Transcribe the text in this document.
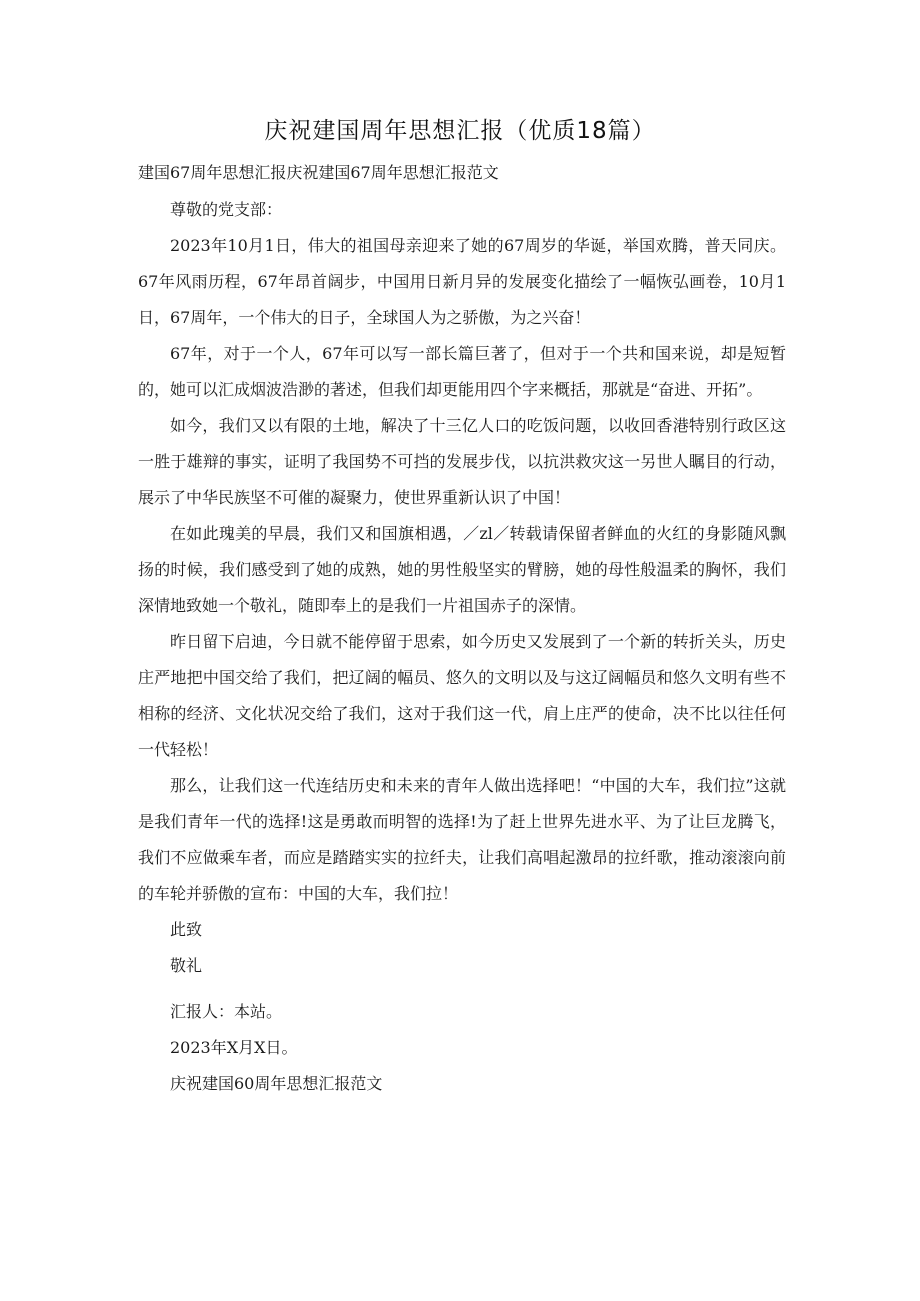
庆祝建国周年思想汇报（优质18篇）
建国67周年思想汇报庆祝建国67周年思想汇报范文

尊敬的党支部：

2023年10月1日，伟大的祖国母亲迎来了她的67周岁的华诞，举国欢腾，普天同庆。67年风雨历程，67年昂首阔步，中国用日新月异的发展变化描绘了一幅恢弘画卷，10月1日，67周年，一个伟大的日子，全球国人为之骄傲，为之兴奋！

67年，对于一个人，67年可以写一部长篇巨著了，但对于一个共和国来说，却是短暂的，她可以汇成烟波浩渺的著述，但我们却更能用四个字来概括，那就是“奋进、开拓”。

如今，我们又以有限的土地，解决了十三亿人口的吃饭问题，以收回香港特别行政区这一胜于雄辩的事实，证明了我国势不可挡的发展步伐，以抗洪救灾这一另世人瞩目的行动，展示了中华民族坚不可催的凝聚力，使世界重新认识了中国！

在如此瑰美的早晨，我们又和国旗相遇，／zl／转载请保留者鲜血的火红的身影随风飘扬的时候，我们感受到了她的成熟，她的男性般坚实的臂膀，她的母性般温柔的胸怀，我们深情地致她一个敬礼，随即奉上的是我们一片祖国赤子的深情。

昨日留下启迪，今日就不能停留于思索，如今历史又发展到了一个新的转折关头，历史庄严地把中国交给了我们，把辽阔的幅员、悠久的文明以及与这辽阔幅员和悠久文明有些不相称的经济、文化状况交给了我们，这对于我们这一代，肩上庄严的使命，决不比以往任何一代轻松！

那么，让我们这一代连结历史和未来的青年人做出选择吧！“中国的大车，我们拉”这就是我们青年一代的选择!这是勇敢而明智的选择!为了赶上世界先进水平、为了让巨龙腾飞，我们不应做乘车者，而应是踏踏实实的拉纤夫，让我们高唱起激昂的拉纤歌，推动滚滚向前的车轮并骄傲的宣布：中国的大车，我们拉！

此致

敬礼

汇报人：本站。

2023年X月X日。

庆祝建国60周年思想汇报范文
